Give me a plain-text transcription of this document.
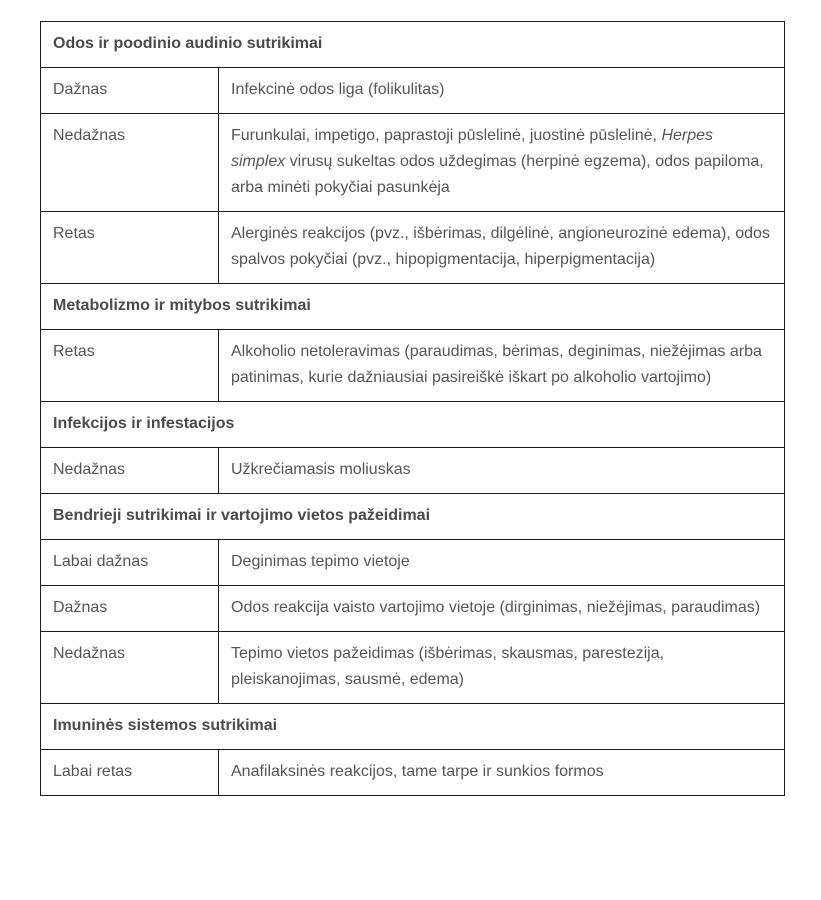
Odos ir poodinio audinio sutrikimai	
Dažnas	Infekcinė odos liga (folikulitas)
Nedažnas	Furunkulai, impetigo, paprastoji pūslelinė, juostinė pūslelinė, Herpes simplex virusų sukeltas odos uždegimas (herpinė egzema), odos papiloma, arba minėti pokyčiai pasunkėja
Retas	Alerginės reakcijos (pvz., išbėrimas, dilgėlinė, angioneurozinė edema), odos spalvos pokyčiai (pvz., hipopigmentacija, hiperpigmentacija)
Metabolizmo ir mitybos sutrikimai	
Retas	Alkoholio netoleravimas (paraudimas, bėrimas, deginimas, niežėjimas arba patinimas, kurie dažniausiai pasireiškė iškart po alkoholio vartojimo)
Infekcijos ir infestacijos	
Nedažnas	Užkrečiamasis moliuskas
Bendrieji sutrikimai ir vartojimo vietos pažeidimai	
Labai dažnas	Deginimas tepimo vietoje
Dažnas	Odos reakcija vaisto vartojimo vietoje (dirginimas, niežėjimas, paraudimas)
Nedažnas	Tepimo vietos pažeidimas (išbėrimas, skausmas, parestezija, pleiskanojimas, sausmė, edema)
Imuninės sistemos sutrikimai	
Labai retas	Anafilaksinės reakcijos, tame tarpe ir sunkios formos
